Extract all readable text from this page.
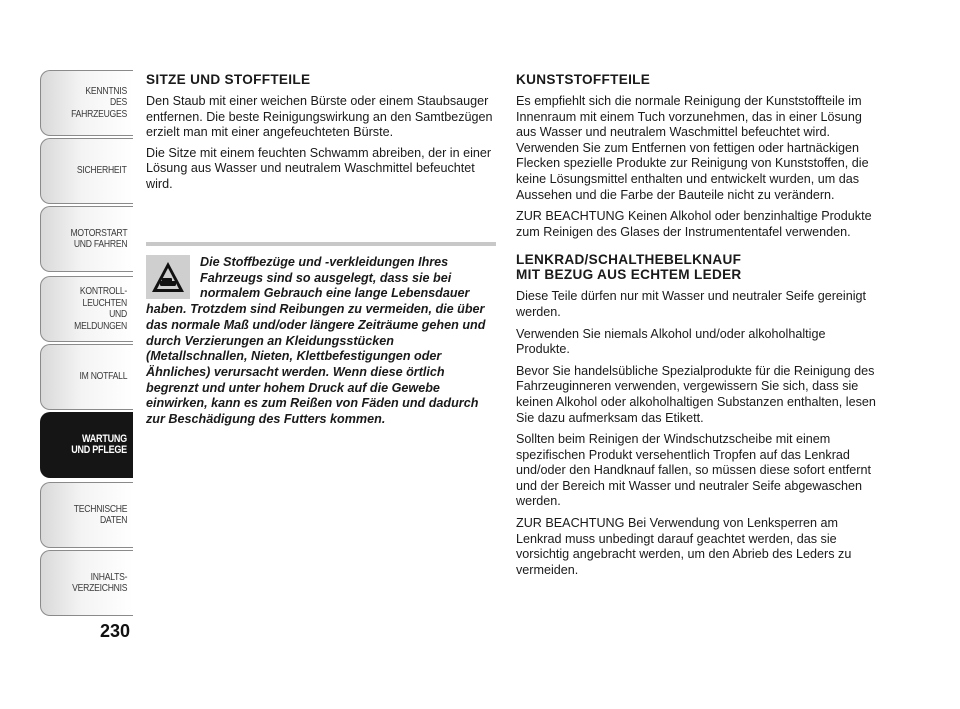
KENNTNIS
DES FAHRZEUGES
SICHERHEIT
MOTORSTART
UND FAHREN
KONTROLL-
LEUCHTEN
UND MELDUNGEN
IM NOTFALL
WARTUNG
UND PFLEGE
TECHNISCHE
DATEN
INHALTS-
VERZEICHNIS
230
SITZE UND STOFFTEILE

Den Staub mit einer weichen Bürste oder einem Staubsauger entfernen. Die beste Reinigungswirkung an den Samtbezügen erzielt man mit einer angefeuchteten Bürste.

Die Sitze mit einem feuchten Schwamm abreiben, der in einer Lösung aus Wasser und neutralem Waschmittel befeuchtet wird.

Die Stoffbezüge und -verkleidungen Ihres Fahrzeugs sind so ausgelegt, dass sie bei normalem Gebrauch eine lange Lebensdauer haben. Trotzdem sind Reibungen zu vermeiden, die über das normale Maß und/oder längere Zeiträume gehen und durch Verzierungen an Kleidungsstücken (Metallschnallen, Nieten, Klettbefestigungen oder Ähnliches) verursacht werden. Wenn diese örtlich begrenzt und unter hohem Druck auf die Gewebe einwirken, kann es zum Reißen von Fäden und dadurch zur Beschädigung des Futters kommen.

KUNSTSTOFFTEILE

Es empfiehlt sich die normale Reinigung der Kunststoffteile im Innenraum mit einem Tuch vorzunehmen, das in einer Lösung aus Wasser und neutralem Waschmittel befeuchtet wird. Verwenden Sie zum Entfernen von fettigen oder hartnäckigen Flecken spezielle Produkte zur Reinigung von Kunststoffen, die keine Lösungsmittel enthalten und entwickelt wurden, um das Aussehen und die Farbe der Bauteile nicht zu verändern.

ZUR BEACHTUNG Keinen Alkohol oder benzinhaltige Produkte zum Reinigen des Glases der Instrumententafel verwenden.

LENKRAD/SCHALTHEBELKNAUF
MIT BEZUG AUS ECHTEM LEDER

Diese Teile dürfen nur mit Wasser und neutraler Seife gereinigt werden.

Verwenden Sie niemals Alkohol und/oder alkoholhaltige Produkte.

Bevor Sie handelsübliche Spezialprodukte für die Reinigung des Fahrzeuginneren verwenden, vergewissern Sie sich, dass sie keinen Alkohol oder alkoholhaltigen Substanzen enthalten, lesen Sie dazu aufmerksam das Etikett.

Sollten beim Reinigen der Windschutzscheibe mit einem spezifischen Produkt versehentlich Tropfen auf das Lenkrad und/oder den Handknauf fallen, so müssen diese sofort entfernt und der Bereich mit Wasser und neutraler Seife abgewaschen werden.

ZUR BEACHTUNG Bei Verwendung von Lenksperren am Lenkrad muss unbedingt darauf geachtet werden, das sie vorsichtig angebracht werden, um den Abrieb des Leders zu vermeiden.
